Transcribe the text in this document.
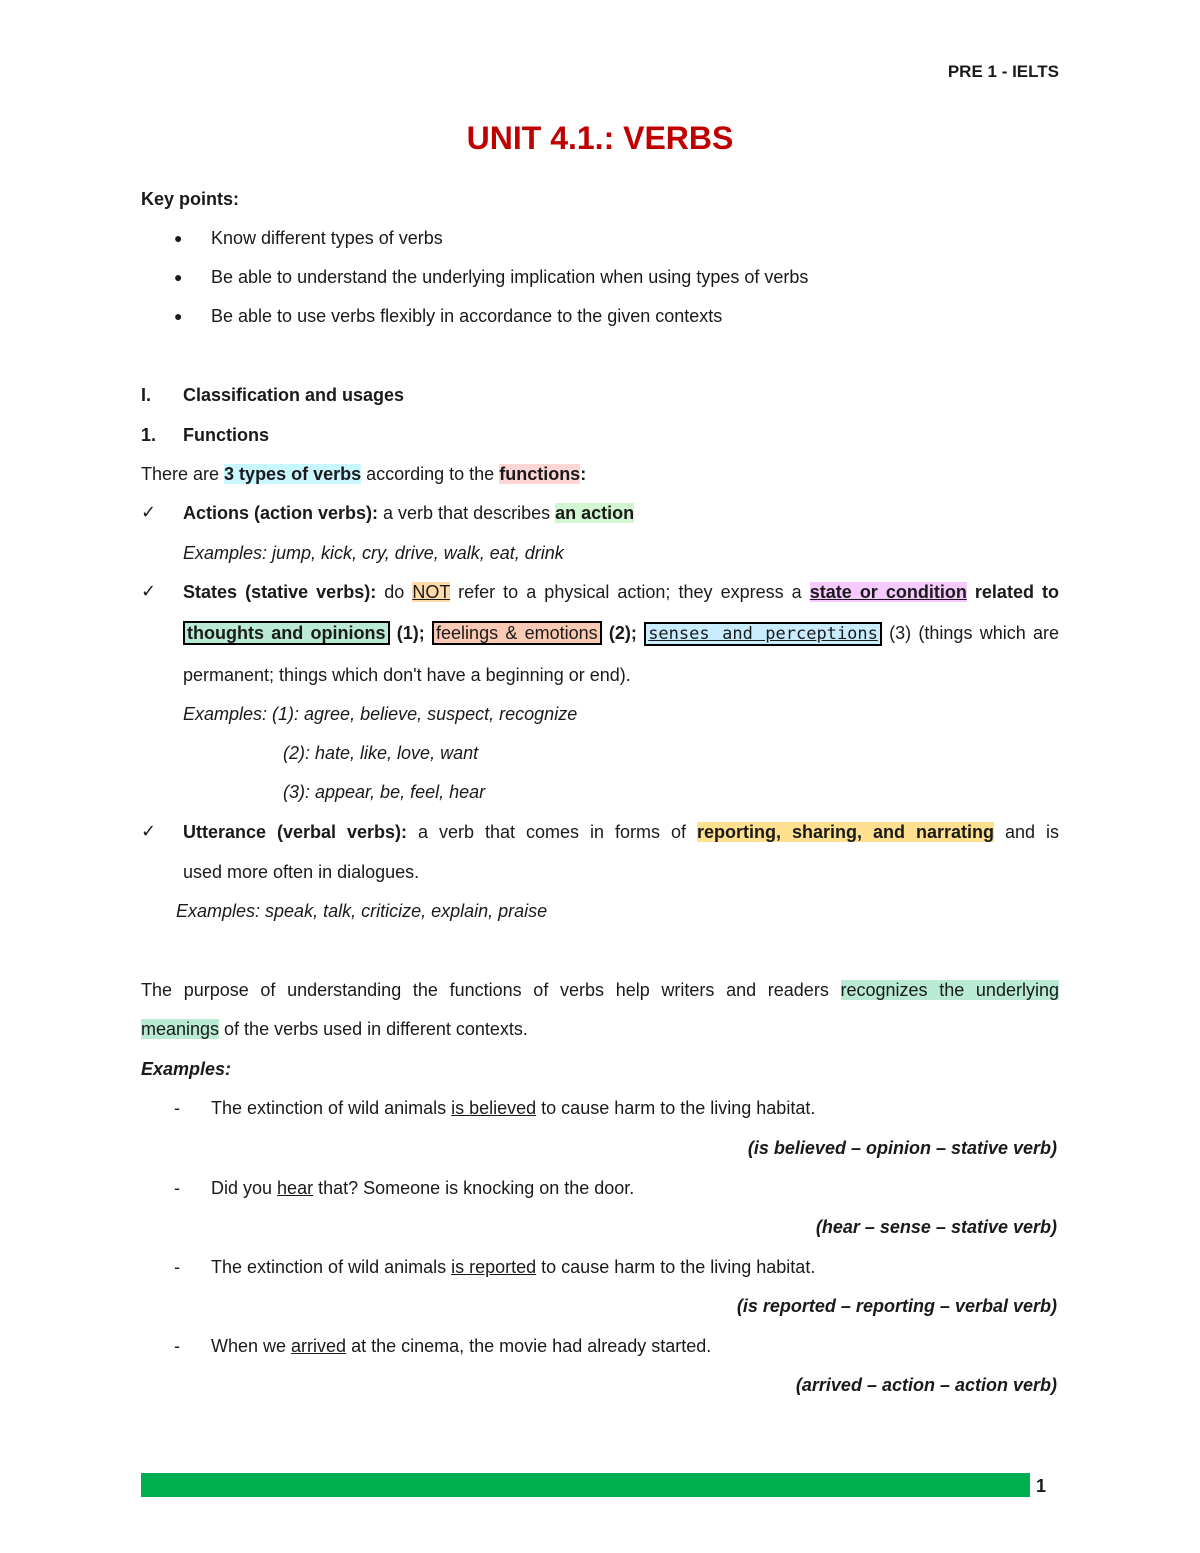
PRE 1 - IELTS
UNIT 4.1.: VERBS
Key points:
● Know different types of verbs
● Be able to understand the underlying implication when using types of verbs
● Be able to use verbs flexibly in accordance to the given contexts
I. Classification and usages
1. Functions
There are 3 types of verbs according to the functions:
✓ Actions (action verbs): a verb that describes an action
Examples: jump, kick, cry, drive, walk, eat, drink
✓ States (stative verbs): do NOT refer to a physical action; they express a state or condition related to
thoughts and opinions (1); feelings & emotions (2); senses and perceptions (3) (things which are
permanent; things which don't have a beginning or end).
Examples: (1): agree, believe, suspect, recognize
(2): hate, like, love, want
(3): appear, be, feel, hear
✓ Utterance (verbal verbs): a verb that comes in forms of reporting, sharing, and narrating and is
used more often in dialogues.
Examples: speak, talk, criticize, explain, praise
The purpose of understanding the functions of verbs help writers and readers recognizes the underlying
meanings of the verbs used in different contexts.
Examples:
- The extinction of wild animals is believed to cause harm to the living habitat.
(is believed – opinion – stative verb)
- Did you hear that? Someone is knocking on the door.
(hear – sense – stative verb)
- The extinction of wild animals is reported to cause harm to the living habitat.
(is reported – reporting – verbal verb)
- When we arrived at the cinema, the movie had already started.
(arrived – action – action verb)
1
